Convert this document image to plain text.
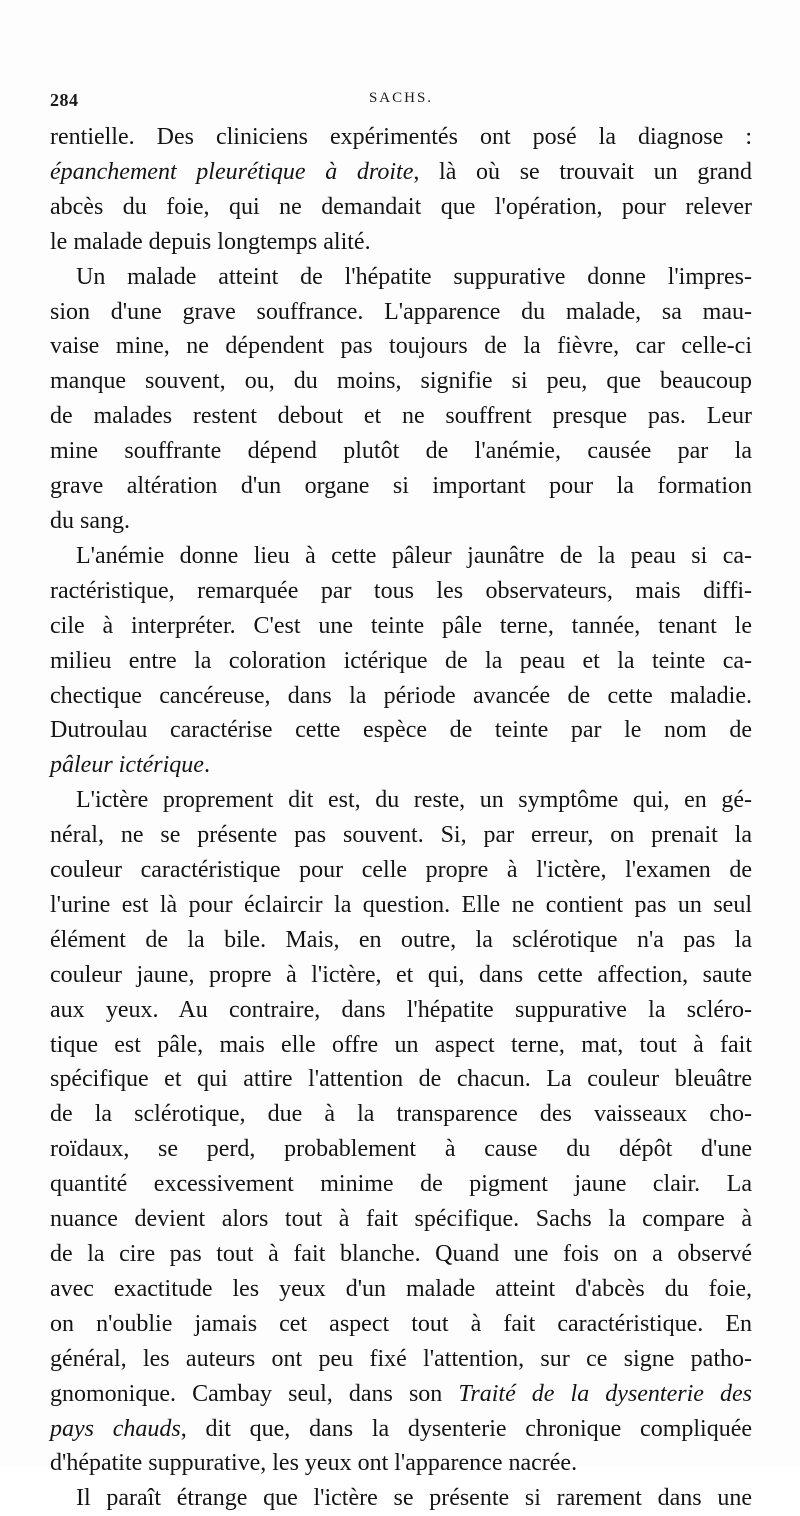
284	SACHS.
rentielle. Des cliniciens expérimentés ont posé la diagnose :
épanchement pleurétique à droite, là où se trouvait un grand
abcès du foie, qui ne demandait que l'opération, pour relever
le malade depuis longtemps alité.
Un malade atteint de l'hépatite suppurative donne l'impres-
sion d'une grave souffrance. L'apparence du malade, sa mau-
vaise mine, ne dépendent pas toujours de la fièvre, car celle-ci
manque souvent, ou, du moins, signifie si peu, que beaucoup
de malades restent debout et ne souffrent presque pas. Leur
mine souffrante dépend plutôt de l'anémie, causée par la
grave altération d'un organe si important pour la formation
du sang.
L'anémie donne lieu à cette pâleur jaunâtre de la peau si ca-
ractéristique, remarquée par tous les observateurs, mais diffi-
cile à interpréter. C'est une teinte pâle terne, tannée, tenant le
milieu entre la coloration ictérique de la peau et la teinte ca-
chectique cancéreuse, dans la période avancée de cette maladie.
Dutroulau caractérise cette espèce de teinte par le nom de
pâleur ictérique.
L'ictère proprement dit est, du reste, un symptôme qui, en gé-
néral, ne se présente pas souvent. Si, par erreur, on prenait la
couleur caractéristique pour celle propre à l'ictère, l'examen de
l'urine est là pour éclaircir la question. Elle ne contient pas un seul
élément de la bile. Mais, en outre, la sclérotique n'a pas la
couleur jaune, propre à l'ictère, et qui, dans cette affection, saute
aux yeux. Au contraire, dans l'hépatite suppurative la scléro-
tique est pâle, mais elle offre un aspect terne, mat, tout à fait
spécifique et qui attire l'attention de chacun. La couleur bleuâtre
de la sclérotique, due à la transparence des vaisseaux cho-
roïdaux, se perd, probablement à cause du dépôt d'une
quantité excessivement minime de pigment jaune clair. La
nuance devient alors tout à fait spécifique. Sachs la compare à
de la cire pas tout à fait blanche. Quand une fois on a observé
avec exactitude les yeux d'un malade atteint d'abcès du foie,
on n'oublie jamais cet aspect tout à fait caractéristique. En
général, les auteurs ont peu fixé l'attention, sur ce signe patho-
gnomonique. Cambay seul, dans son Traité de la dysenterie des
pays chauds, dit que, dans la dysenterie chronique compliquée
d'hépatite suppurative, les yeux ont l'apparence nacrée.
Il paraît étrange que l'ictère se présente si rarement dans une
